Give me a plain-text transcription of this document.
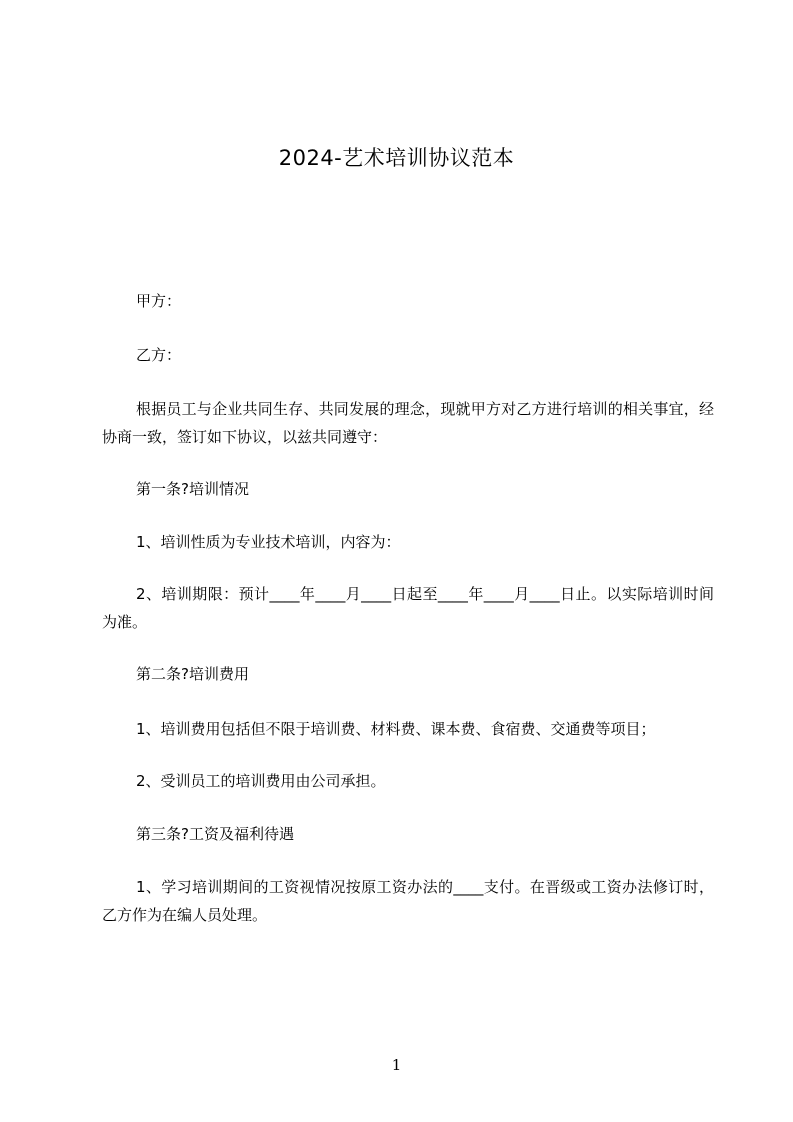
2024-艺术培训协议范本

甲方：

乙方：

根据员工与企业共同生存、共同发展的理念，现就甲方对乙方进行培训的相关事宜，经协商一致，签订如下协议，以兹共同遵守：

第一条?培训情况

1、培训性质为专业技术培训，内容为：

2、培训期限：预计____年____月____日起至____年____月____日止。以实际培训时间为准。

第二条?培训费用

1、培训费用包括但不限于培训费、材料费、课本费、食宿费、交通费等项目；

2、受训员工的培训费用由公司承担。

第三条?工资及福利待遇

1、学习培训期间的工资视情况按原工资办法的____支付。在晋级或工资办法修订时，乙方作为在编人员处理。

1
